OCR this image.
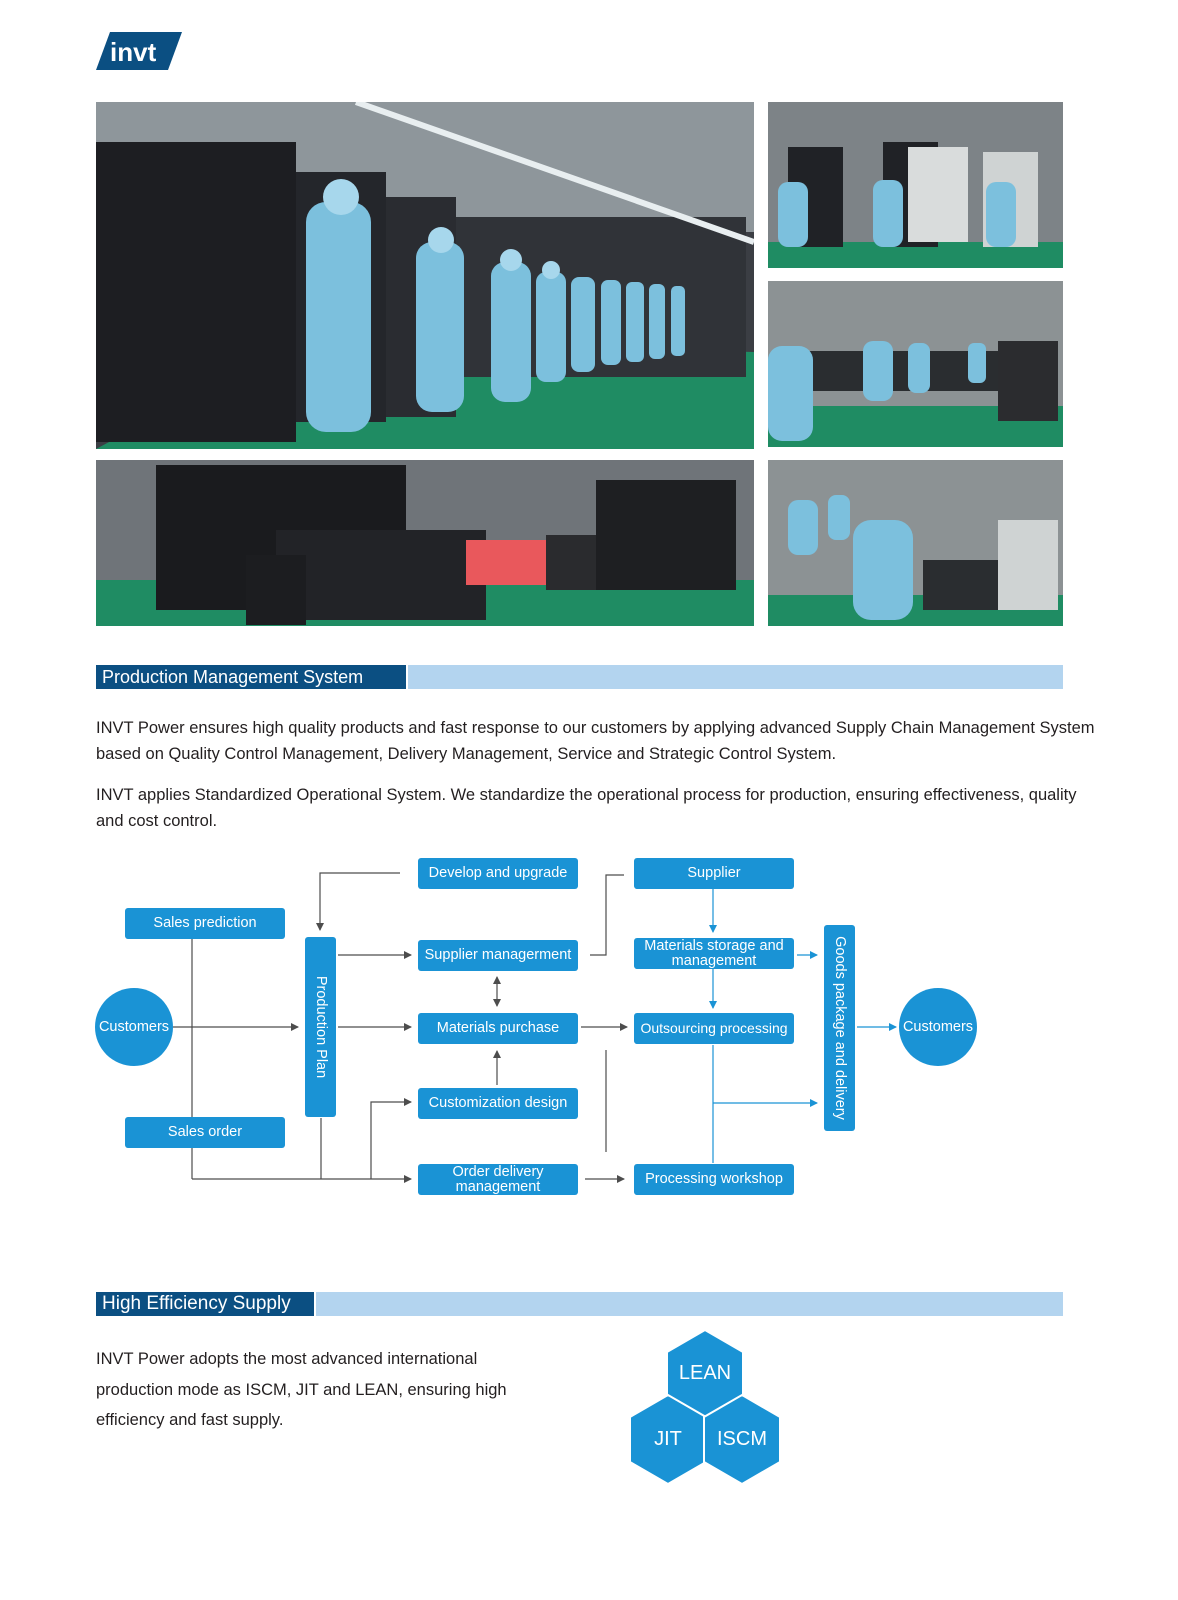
invt
Production Management System
INVT Power ensures high quality products and fast response to our customers by applying advanced Supply Chain Management System based on Quality Control Management, Delivery Management, Service and Strategic Control System.
INVT applies Standardized Operational System. We standardize the operational process for production, ensuring effectiveness, quality and cost control.
Customers
Sales prediction
Sales order
Production Plan
Develop and upgrade
Supplier managerment
Materials purchase
Customization design
Order delivery management
Supplier
Materials storage and management
Outsourcing processing
Processing workshop
Goods package and delivery	Customers
High Efficiency Supply
INVT Power adopts the most advanced international production mode as ISCM, JIT and LEAN, ensuring high efficiency and fast supply.
LEAN
JIT	ISCM
